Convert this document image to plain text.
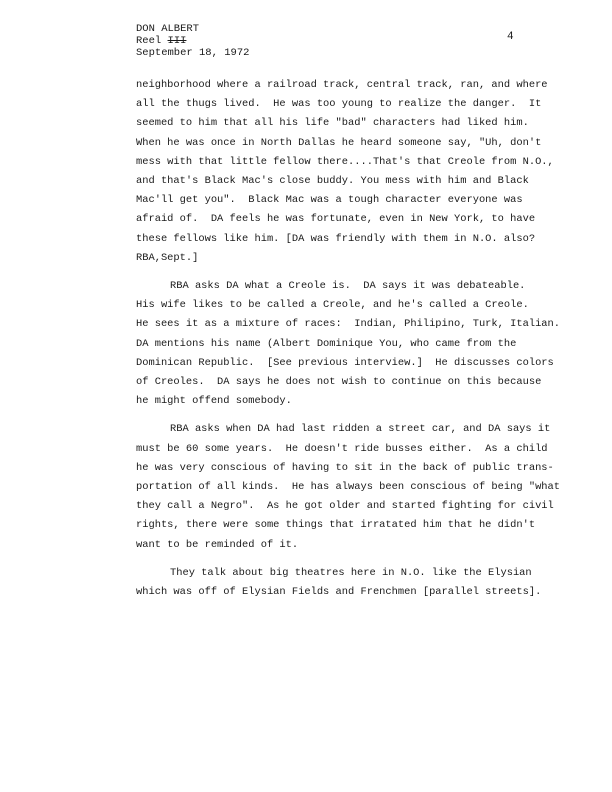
DON ALBERT
Reel III
September 18, 1972
4
neighborhood where a railroad track, central track, ran, and where
all the thugs lived.  He was too young to realize the danger.  It
seemed to him that all his life "bad" characters had liked him.
When he was once in North Dallas he heard someone say, "Uh, don't
mess with that little fellow there....That's that Creole from N.O.,
and that's Black Mac's close buddy. You mess with him and Black
Mac'll get you".  Black Mac was a tough character everyone was
afraid of.  DA feels he was fortunate, even in New York, to have
these fellows like him. [DA was friendly with them in N.O. also?
RBA,Sept.]
RBA asks DA what a Creole is.  DA says it was debateable.
His wife likes to be called a Creole, and he's called a Creole.
He sees it as a mixture of races:  Indian, Philipino, Turk, Italian.
DA mentions his name (Albert Dominique You, who came from the
Dominican Republic.  [See previous interview.]  He discusses colors
of Creoles.  DA says he does not wish to continue on this because
he might offend somebody.
RBA asks when DA had last ridden a street car, and DA says it
must be 60 some years.  He doesn't ride busses either.  As a child
he was very conscious of having to sit in the back of public trans-
portation of all kinds.  He has always been conscious of being "what
they call a Negro".  As he got older and started fighting for civil
rights, there were some things that irratated him that he didn't
want to be reminded of it.
They talk about big theatres here in N.O. like the Elysian
which was off of Elysian Fields and Frenchmen [parallel streets].
